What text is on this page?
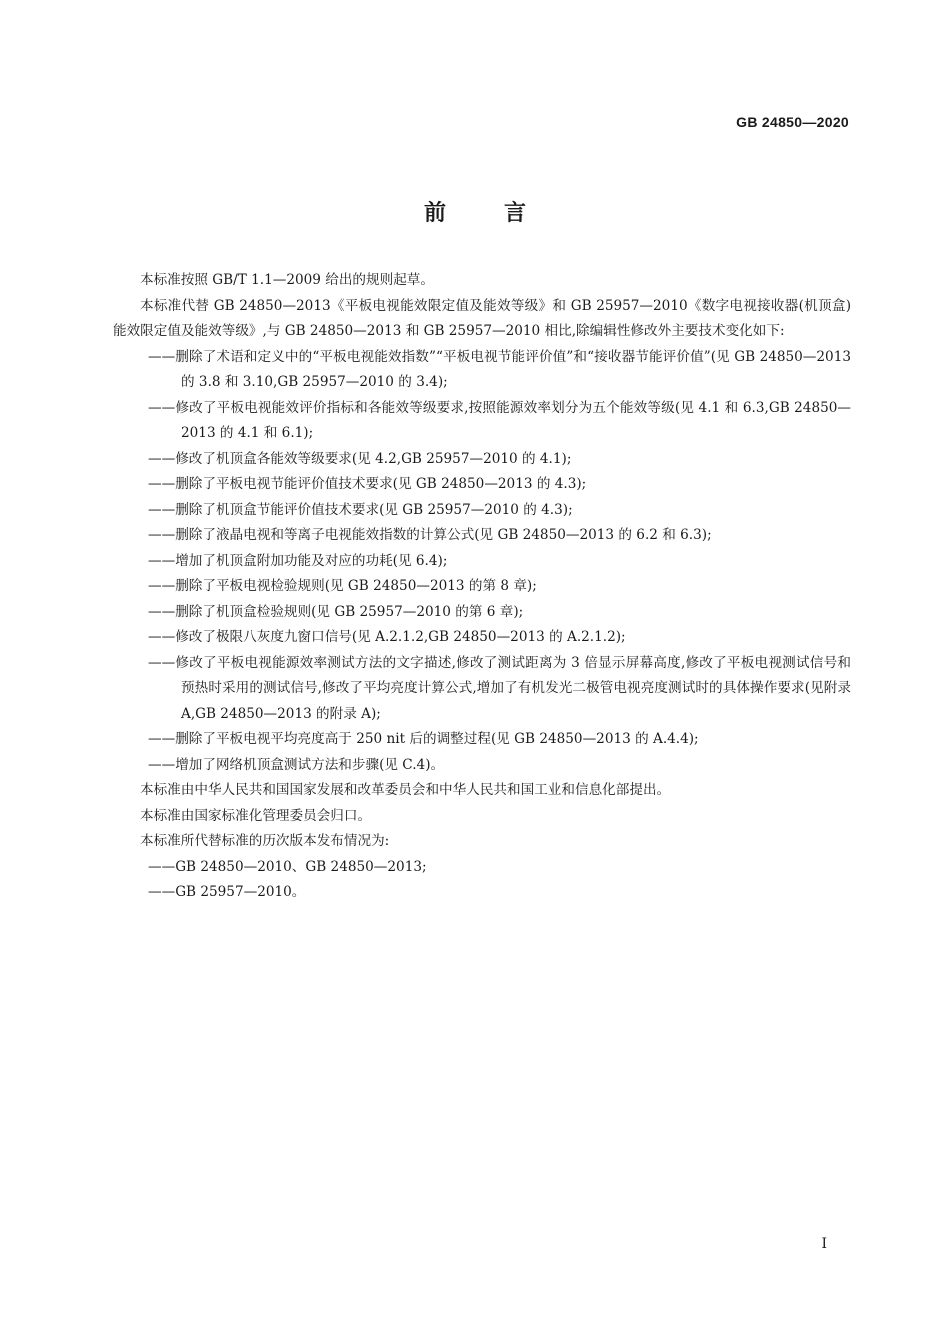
GB 24850—2020
前言

本标准按照 GB/T 1.1—2009 给出的规则起草。

本标准代替 GB 24850—2013《平板电视能效限定值及能效等级》和 GB 25957—2010《数字电视接收器(机顶盒)能效限定值及能效等级》,与 GB 24850—2013 和 GB 25957—2010 相比,除编辑性修改外主要技术变化如下:

——删除了术语和定义中的“平板电视能效指数”“平板电视节能评价值”和“接收器节能评价值”(见 GB 24850—2013 的 3.8 和 3.10,GB 25957—2010 的 3.4);

——修改了平板电视能效评价指标和各能效等级要求,按照能源效率划分为五个能效等级(见 4.1 和 6.3,GB 24850—2013 的 4.1 和 6.1);

——修改了机顶盒各能效等级要求(见 4.2,GB 25957—2010 的 4.1);

——删除了平板电视节能评价值技术要求(见 GB 24850—2013 的 4.3);

——删除了机顶盒节能评价值技术要求(见 GB 25957—2010 的 4.3);

——删除了液晶电视和等离子电视能效指数的计算公式(见 GB 24850—2013 的 6.2 和 6.3);

——增加了机顶盒附加功能及对应的功耗(见 6.4);

——删除了平板电视检验规则(见 GB 24850—2013 的第 8 章);

——删除了机顶盒检验规则(见 GB 25957—2010 的第 6 章);

——修改了极限八灰度九窗口信号(见 A.2.1.2,GB 24850—2013 的 A.2.1.2);

——修改了平板电视能源效率测试方法的文字描述,修改了测试距离为 3 倍显示屏幕高度,修改了平板电视测试信号和预热时采用的测试信号,修改了平均亮度计算公式,增加了有机发光二极管电视亮度测试时的具体操作要求(见附录 A,GB 24850—2013 的附录 A);

——删除了平板电视平均亮度高于 250 nit 后的调整过程(见 GB 24850—2013 的 A.4.4);

——增加了网络机顶盒测试方法和步骤(见 C.4)。

本标准由中华人民共和国国家发展和改革委员会和中华人民共和国工业和信息化部提出。

本标准由国家标准化管理委员会归口。

本标准所代替标准的历次版本发布情况为:

——GB 24850—2010、GB 24850—2013;

——GB 25957—2010。

I
